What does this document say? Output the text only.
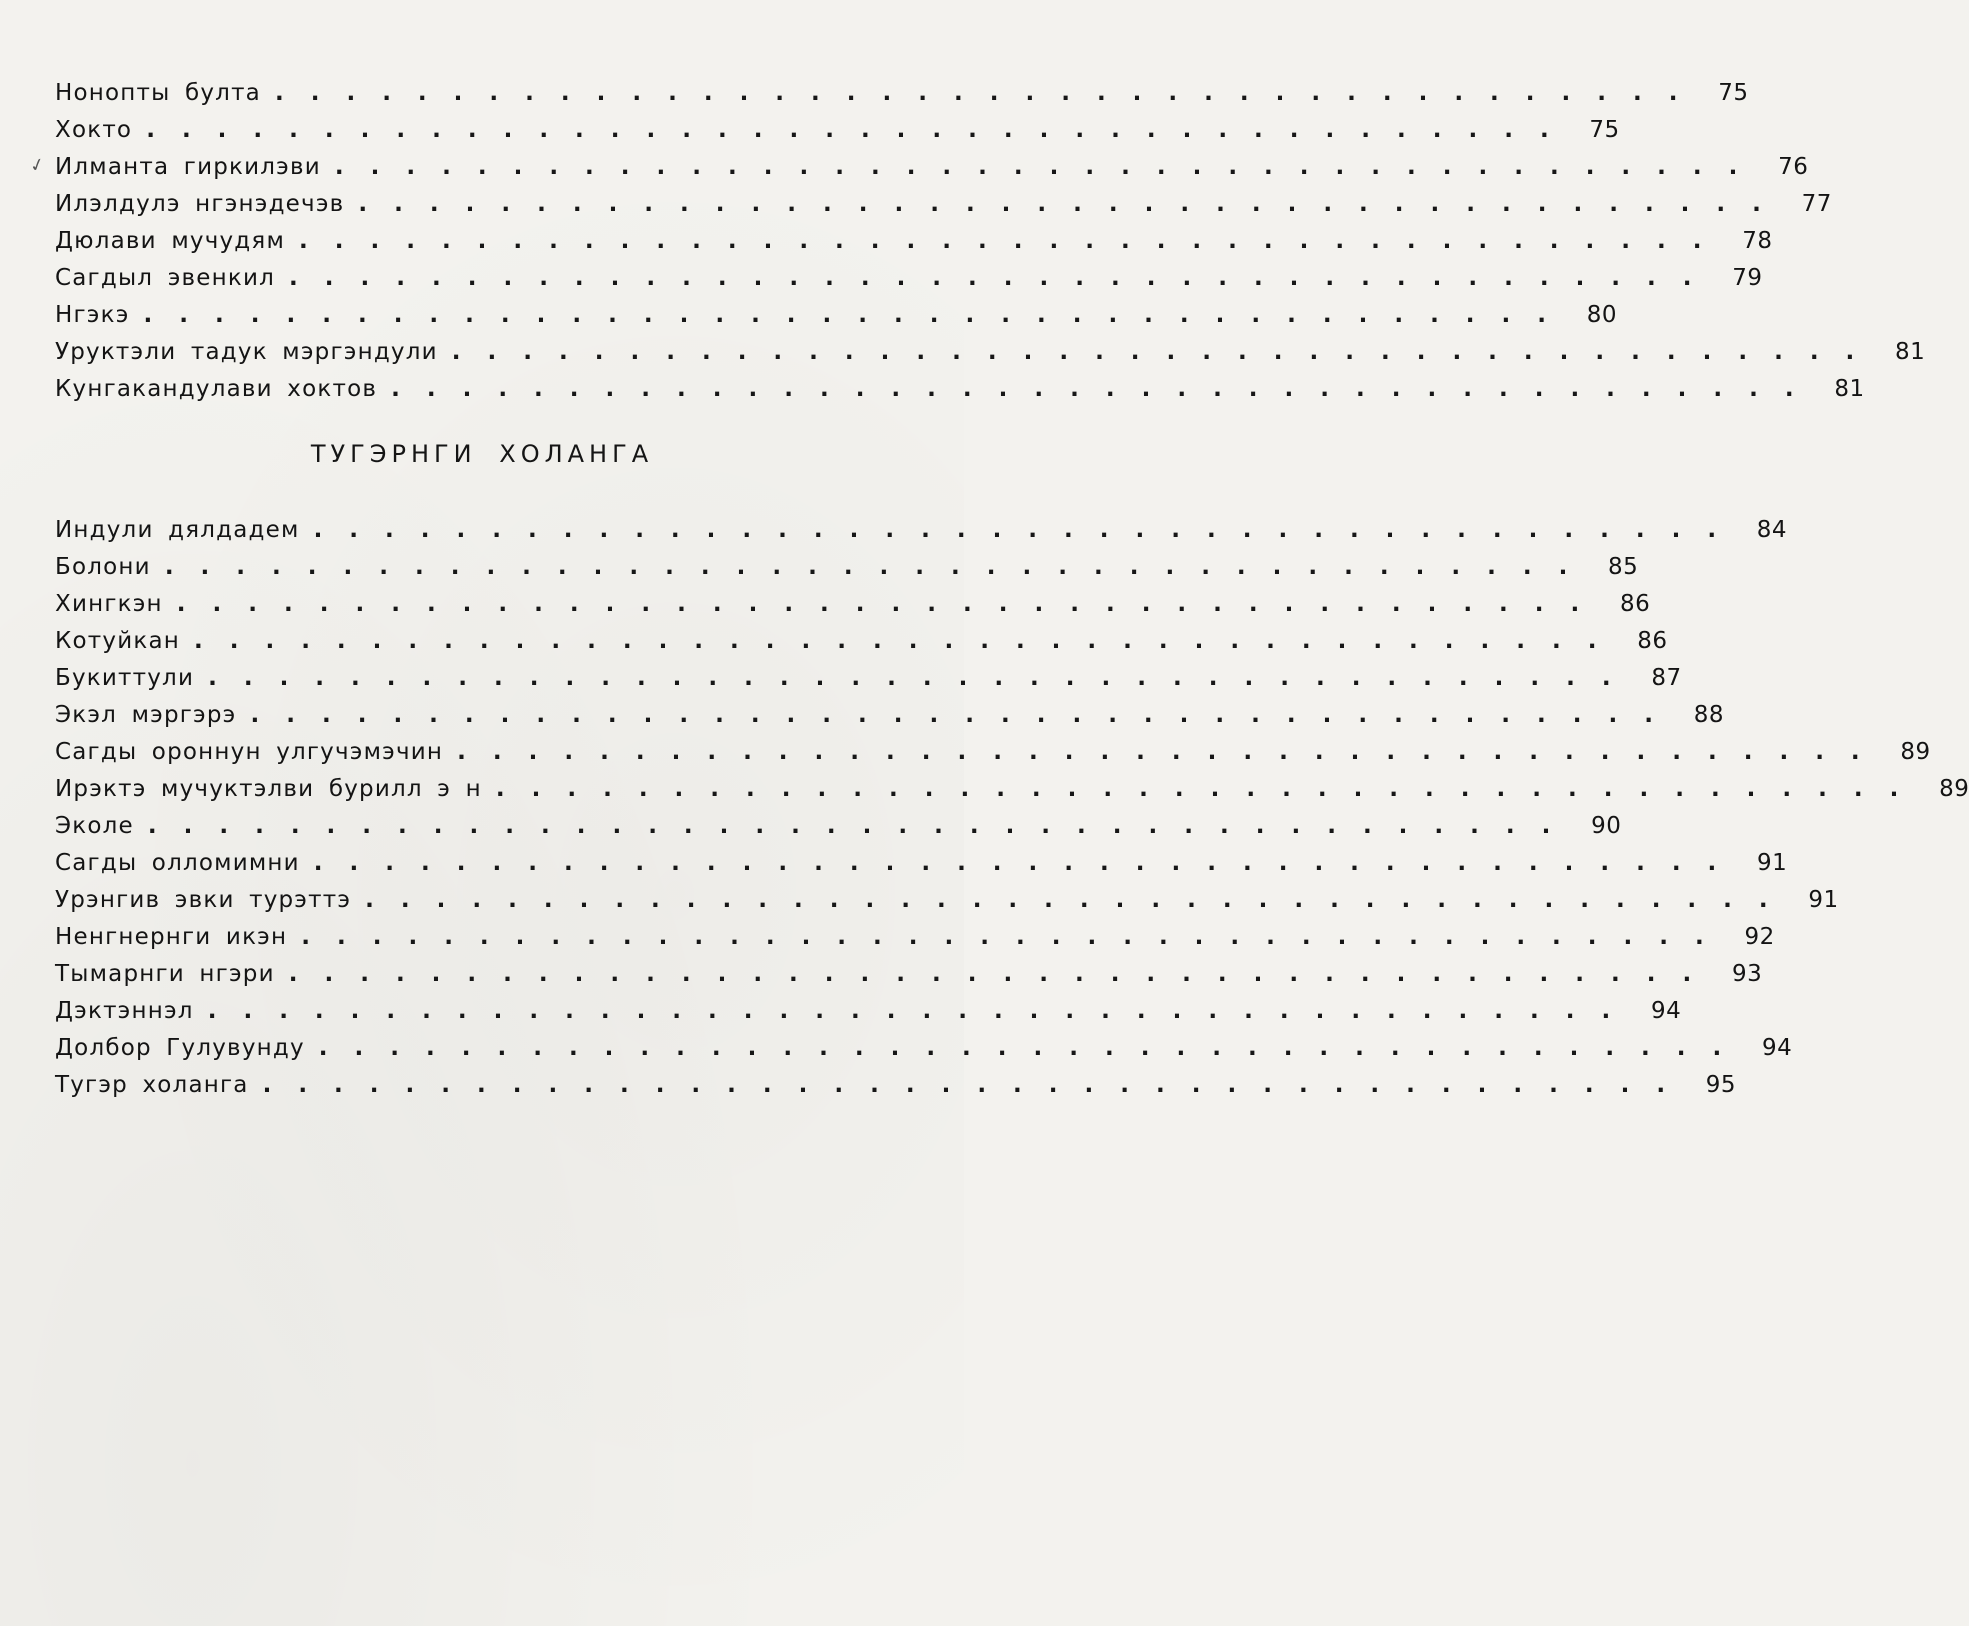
✓
Нонопты булта ........................................ 75
Хокто ........................................ 75
Илманта гиркилэви ........................................ 76
Илэлдулэ нгэнэдечэв ........................................ 77
Дюлави мучудям ........................................ 78
Сагдыл эвенкил ........................................ 79
Нгэкэ ........................................ 80
Уруктэли тадук мэргэндули ........................................ 81
Кунгакандулави хоктов ........................................ 81
ТУГЭРНГИ ХОЛАНГА
Индули дялдадем ........................................ 84
Болони ........................................ 85
Хингкэн ........................................ 86
Котуйкан ........................................ 86
Букиттули ........................................ 87
Экэл мэргэрэ ........................................ 88
Сагды ороннун улгучэмэчин ........................................ 89
Ирэктэ мучуктэлви бурилл э н ........................................ 89
Эколе ........................................ 90
Сагды олломимни ........................................ 91
Урэнгив эвки турэттэ ........................................ 91
Ненгнернги икэн ........................................ 92
Тымарнги нгэри ........................................ 93
Дэктэннэл ........................................ 94
Долбор Гулувунду ........................................ 94
Тугэр холанга ........................................ 95
